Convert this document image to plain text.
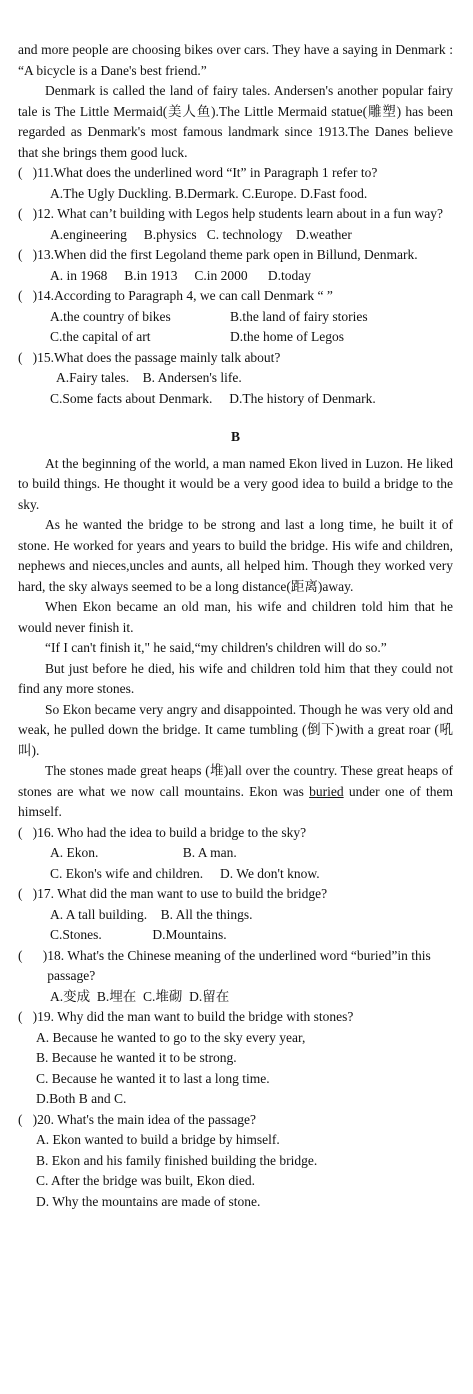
and more people are choosing bikes over cars. They have a saying in Denmark : “A bicycle is a Dane's best friend.”

Denmark is called the land of fairy tales. Andersen's another popular fairy tale is The Little Mermaid(美人鱼).The Little Mermaid statue(雕塑) has been regarded as Denmark's most famous landmark since 1913.The Danes believe that she brings them good luck.

(   ) 11.What does the underlined word “It” in Paragraph 1 refer to?
A.The Ugly Duckling. B.Dermark. C.Europe. D.Fast food.
(   ) 12. What can’t building with Legos help students learn about in a fun way?
A.engineering     B.physics   C. technology    D.weather
(   ) 13.When did the first Legoland theme park open in Billund, Denmark.
A. in 1968     B.in 1913     C.in 2000      D.today
(   ) 14.According to Paragraph 4, we can call Denmark “ ”
A.the country of bikes	B.the land of fairy stories
C.the capital of art	D.the home of Legos
(   ) 15.What does the passage mainly talk about?
A.Fairy tales.    B. Andersen's life.
C.Some facts about Denmark.     D.The history of Denmark.
B

At the beginning of the world, a man named Ekon lived in Luzon. He liked to build things. He thought it would be a very good idea to build a bridge to the sky.

As he wanted the bridge to be strong and last a long time, he built it of stone. He worked for years and years to build the bridge. His wife and children, nephews and nieces,uncles and aunts, all helped him. Though they worked very hard, the sky always seemed to be a long distance(距离)away.

When Ekon became an old man, his wife and children told him that he would never finish it.

“If I can't finish it," he said,“my children's children will do so.”

But just before he died, his wife and children told him that they could not find any more stones.

So Ekon became very angry and disappointed. Though he was very old and weak, he pulled down the bridge. It came tumbling (倒下)with a great roar (吼叫).

The stones made great heaps (堆)all over the country. These great heaps of stones are what we now call mountains. Ekon was buried under one of them himself.

(   ) 16. Who had the idea to build a bridge to the sky?
A. Ekon.                         B. A man.
C. Ekon's wife and children.     D. We don't know.
(   ) 17. What did the man want to use to build the bridge?
A. A tall building.    B. All the things.
C.Stones.               D.Mountains.
(      ) 18. What's the Chinese meaning of the underlined word “buried”in this passage?
A.变成  B.埋在  C.堆砌  D.留在
(   ) 19. Why did the man want to build the bridge with stones?
A. Because he wanted to go to the sky every year,
B. Because he wanted it to be strong.
C. Because he wanted it to last a long time.
D.Both B and C.
(   ) 20. What's the main idea of the passage?
A. Ekon wanted to build a bridge by himself.
B. Ekon and his family finished building the bridge.
C. After the bridge was built, Ekon died.
D. Why the mountains are made of stone.
